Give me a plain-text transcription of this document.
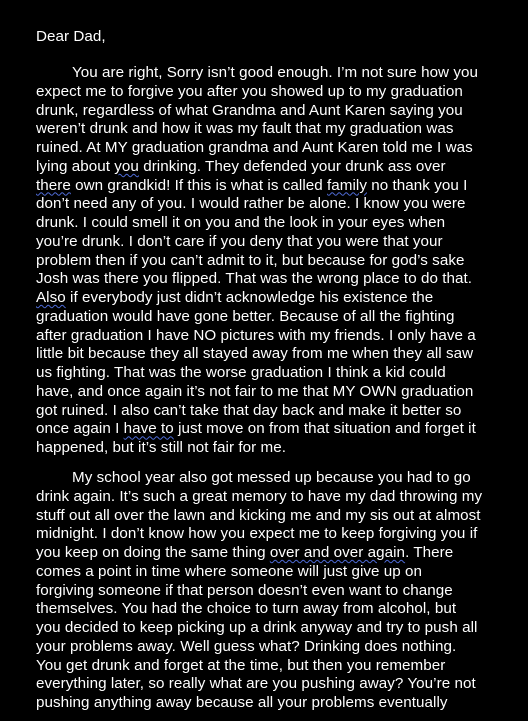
Dear Dad,
You are right, Sorry isn’t good enough. I’m not sure how you
expect me to forgive you after you showed up to my graduation
drunk, regardless of what Grandma and Aunt Karen saying you
weren’t drunk and how it was my fault that my graduation was
ruined. At MY graduation grandma and Aunt Karen told me I was
lying about you drinking. They defended your drunk ass over
there own grandkid! If this is what is called family no thank you I
don’t need any of you. I would rather be alone. I know you were
drunk. I could smell it on you and the look in your eyes when
you’re drunk. I don’t care if you deny that you were that your
problem then if you can’t admit to it, but because for god’s sake
Josh was there you flipped. That was the wrong place to do that.
Also if everybody just didn’t acknowledge his existence the
graduation would have gone better. Because of all the fighting
after graduation I have NO pictures with my friends. I only have a
little bit because they all stayed away from me when they all saw
us fighting. That was the worse graduation I think a kid could
have, and once again it’s not fair to me that MY OWN graduation
got ruined. I also can’t take that day back and make it better so
once again I have to just move on from that situation and forget it
happened, but it’s still not fair for me.
My school year also got messed up because you had to go
drink again. It’s such a great memory to have my dad throwing my
stuff out all over the lawn and kicking me and my sis out at almost
midnight. I don’t know how you expect me to keep forgiving you if
you keep on doing the same thing over and over again. There
comes a point in time where someone will just give up on
forgiving someone if that person doesn’t even want to change
themselves. You had the choice to turn away from alcohol, but
you decided to keep picking up a drink anyway and try to push all
your problems away. Well guess what? Drinking does nothing.
You get drunk and forget at the time, but then you remember
everything later, so really what are you pushing away? You’re not
pushing anything away because all your problems eventually
